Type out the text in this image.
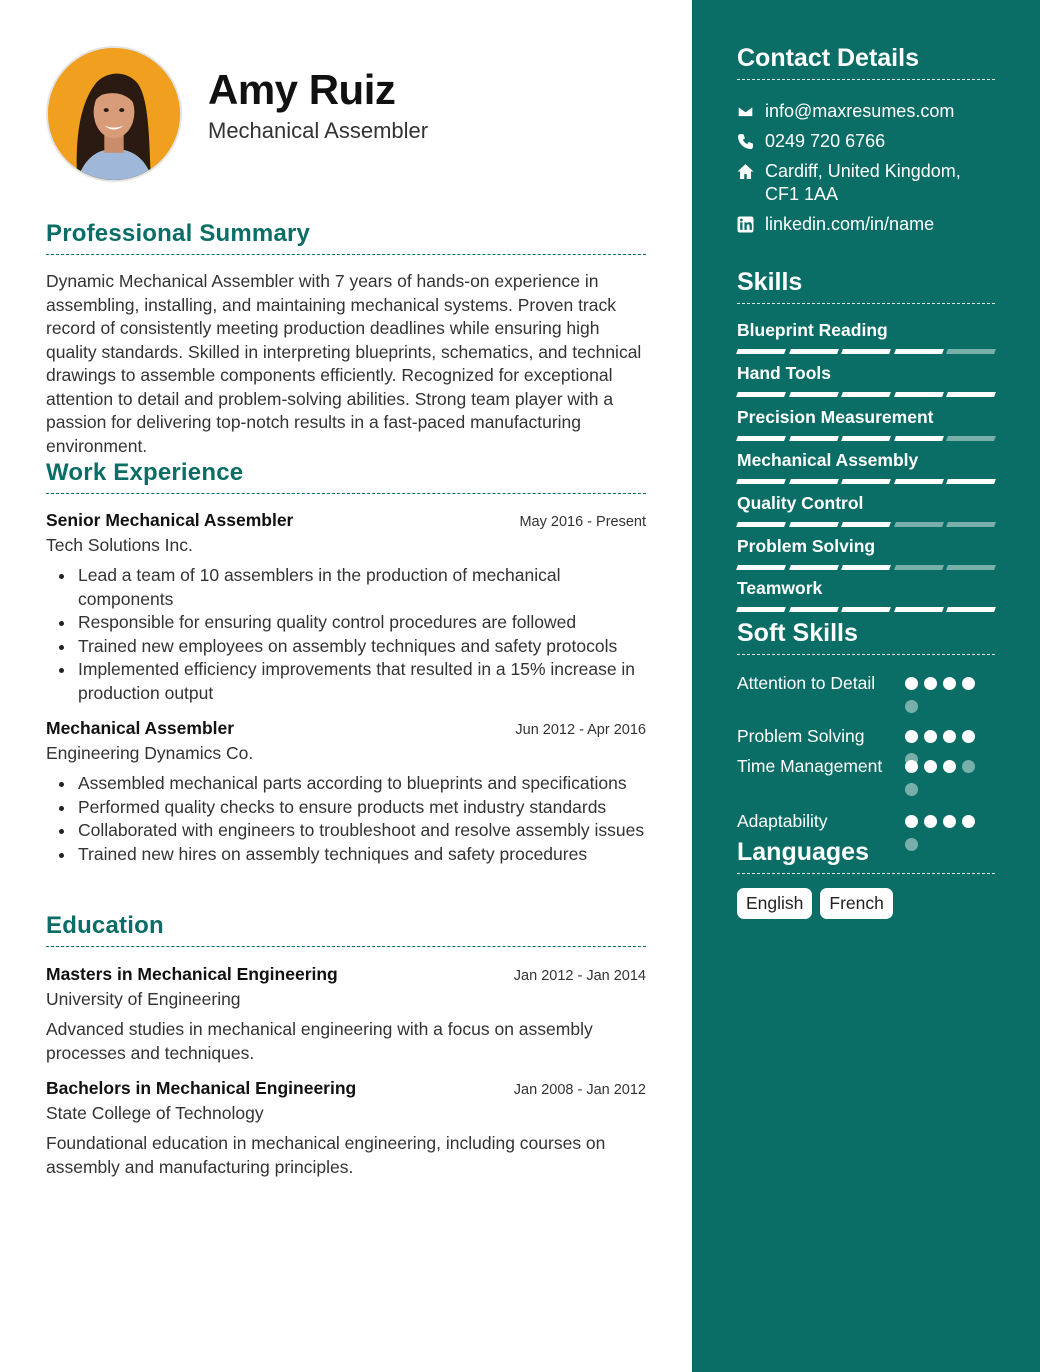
Amy Ruiz
Mechanical Assembler
Professional Summary
Dynamic Mechanical Assembler with 7 years of hands-on experience in assembling, installing, and maintaining mechanical systems. Proven track record of consistently meeting production deadlines while ensuring high quality standards. Skilled in interpreting blueprints, schematics, and technical drawings to assemble components efficiently. Recognized for exceptional attention to detail and problem-solving abilities. Strong team player with a passion for delivering top-notch results in a fast-paced manufacturing environment.
Work Experience
Senior Mechanical Assembler	May 2016 - Present
Tech Solutions Inc.
Lead a team of 10 assemblers in the production of mechanical components
Responsible for ensuring quality control procedures are followed
Trained new employees on assembly techniques and safety protocols
Implemented efficiency improvements that resulted in a 15% increase in production output
Mechanical Assembler	Jun 2012 - Apr 2016
Engineering Dynamics Co.
Assembled mechanical parts according to blueprints and specifications
Performed quality checks to ensure products met industry standards
Collaborated with engineers to troubleshoot and resolve assembly issues
Trained new hires on assembly techniques and safety procedures
Education
Masters in Mechanical Engineering	Jan 2012 - Jan 2014
University of Engineering
Advanced studies in mechanical engineering with a focus on assembly processes and techniques.
Bachelors in Mechanical Engineering	Jan 2008 - Jan 2012
State College of Technology
Foundational education in mechanical engineering, including courses on assembly and manufacturing principles.
Contact Details
info@maxresumes.com
0249 720 6766
Cardiff, United Kingdom,
CF1 1AA
linkedin.com/in/name
Skills
Blueprint Reading
Hand Tools
Precision Measurement
Mechanical Assembly
Quality Control
Problem Solving
Teamwork
Soft Skills
Attention to Detail
Problem Solving
Time Management
Adaptability
Languages
English	French
